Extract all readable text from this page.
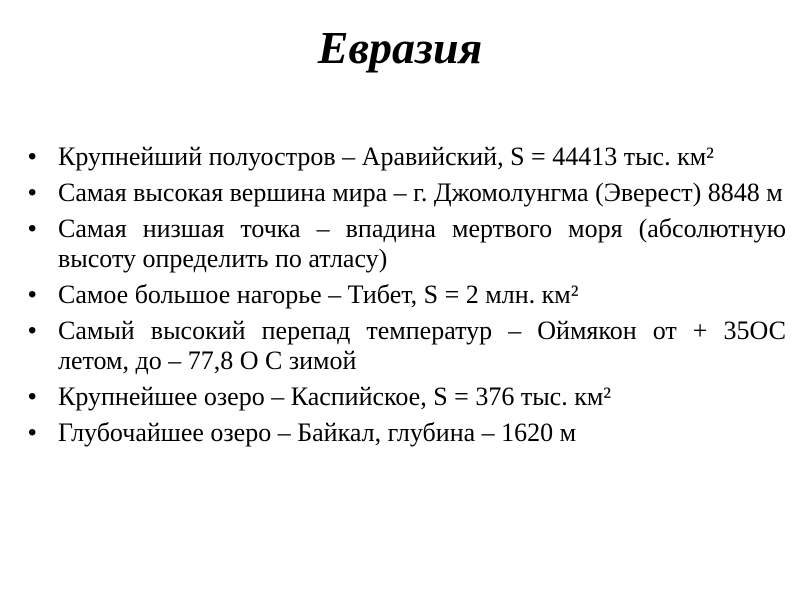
Евразия
• Крупнейший полуостров – Аравийский, S = 44413 тыс. км²
• Самая высокая вершина мира – г. Джомолунгма (Эверест) 8848 м
• Самая низшая точка – впадина мертвого моря (абсолютную высоту определить по атласу)
• Самое большое нагорье – Тибет, S = 2 млн. км²
• Самый высокий перепад температур – Оймякон от + 35ОС летом, до – 77,8 О С зимой
• Крупнейшее озеро – Каспийское, S = 376 тыс. км²
• Глубочайшее озеро – Байкал, глубина – 1620 м
